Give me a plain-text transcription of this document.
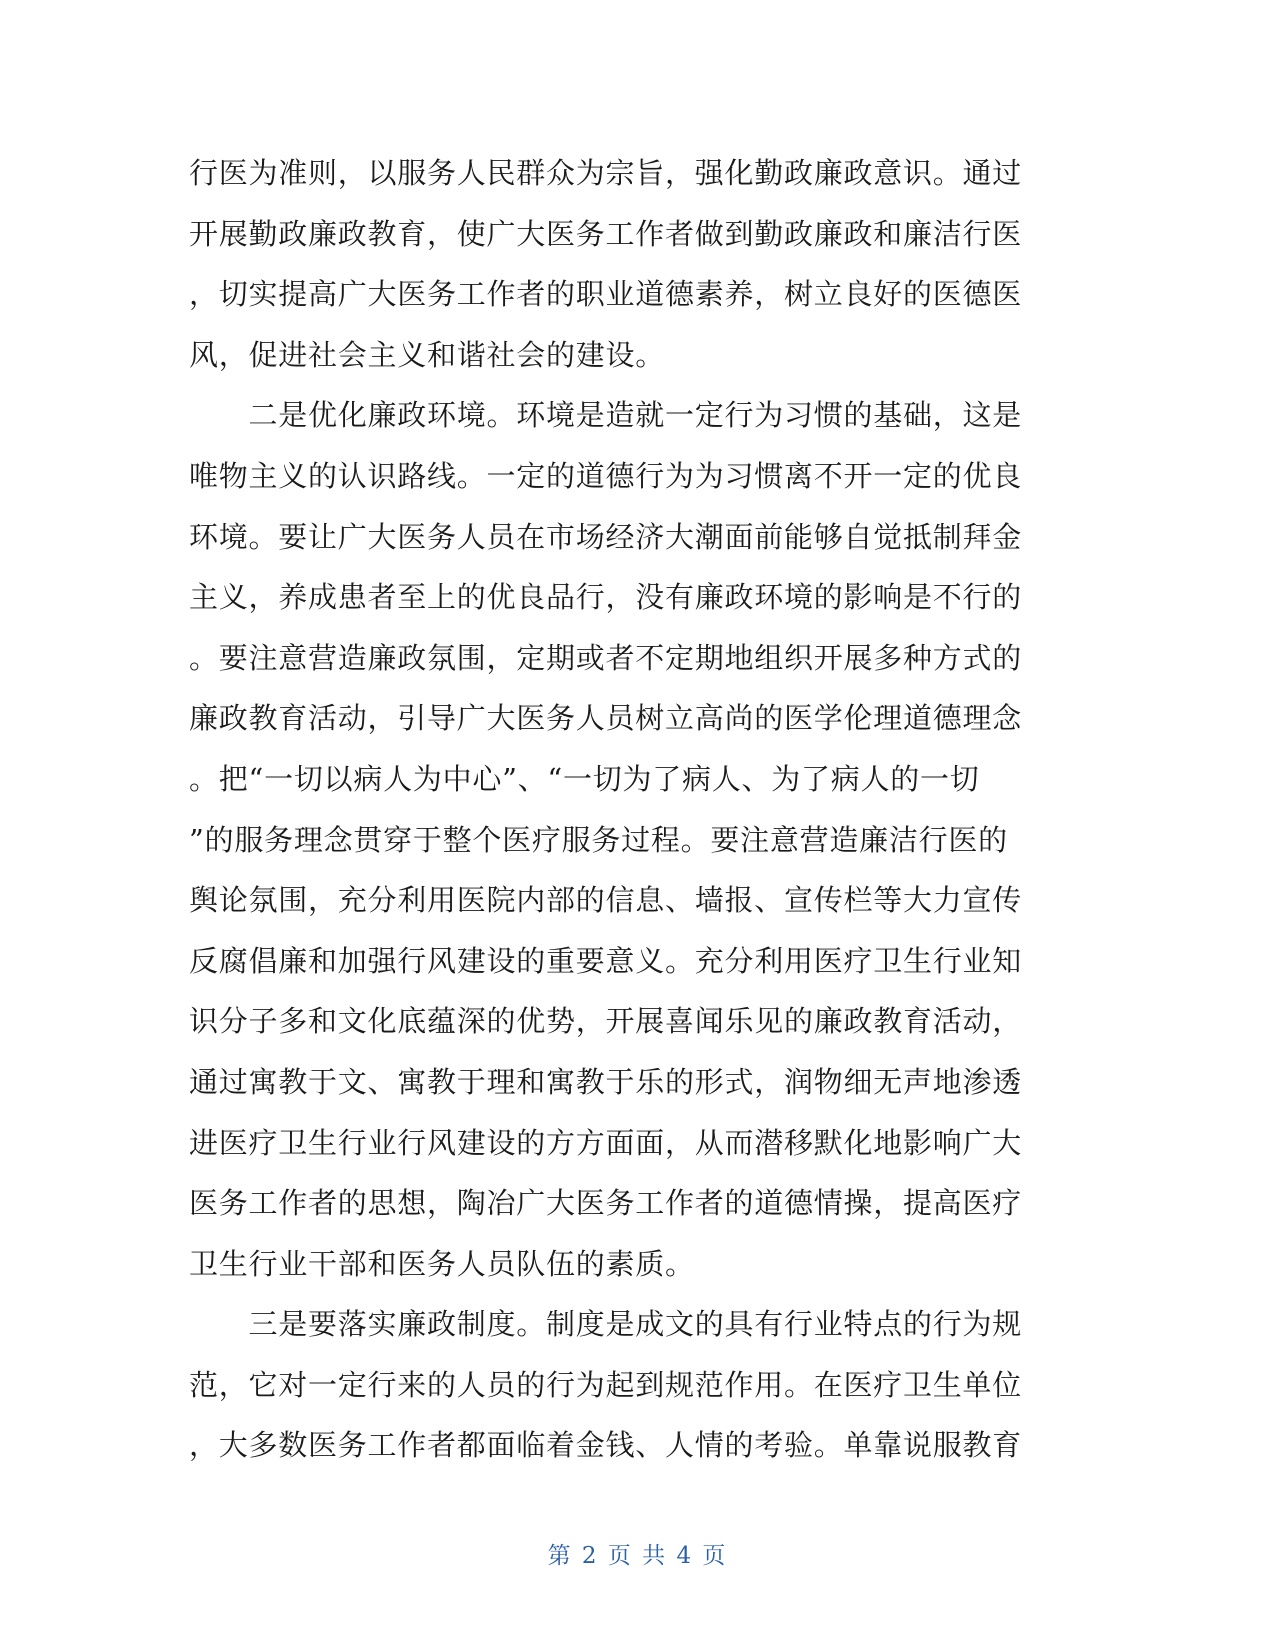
行医为准则，以服务人民群众为宗旨，强化勤政廉政意识。通过
开展勤政廉政教育，使广大医务工作者做到勤政廉政和廉洁行医
，切实提高广大医务工作者的职业道德素养，树立良好的医德医
风，促进社会主义和谐社会的建设。
　　二是优化廉政环境。环境是造就一定行为习惯的基础，这是
唯物主义的认识路线。一定的道德行为为习惯离不开一定的优良
环境。要让广大医务人员在市场经济大潮面前能够自觉抵制拜金
主义，养成患者至上的优良品行，没有廉政环境的影响是不行的
。要注意营造廉政氛围，定期或者不定期地组织开展多种方式的
廉政教育活动，引导广大医务人员树立高尚的医学伦理道德理念
。把“一切以病人为中心”、“一切为了病人、为了病人的一切
”的服务理念贯穿于整个医疗服务过程。要注意营造廉洁行医的
舆论氛围，充分利用医院内部的信息、墙报、宣传栏等大力宣传
反腐倡廉和加强行风建设的重要意义。充分利用医疗卫生行业知
识分子多和文化底蕴深的优势，开展喜闻乐见的廉政教育活动，
通过寓教于文、寓教于理和寓教于乐的形式，润物细无声地渗透
进医疗卫生行业行风建设的方方面面，从而潜移默化地影响广大
医务工作者的思想，陶冶广大医务工作者的道德情操，提高医疗
卫生行业干部和医务人员队伍的素质。
　　三是要落实廉政制度。制度是成文的具有行业特点的行为规
范，它对一定行来的人员的行为起到规范作用。在医疗卫生单位
，大多数医务工作者都面临着金钱、人情的考验。单靠说服教育
第 2 页 共 4 页
